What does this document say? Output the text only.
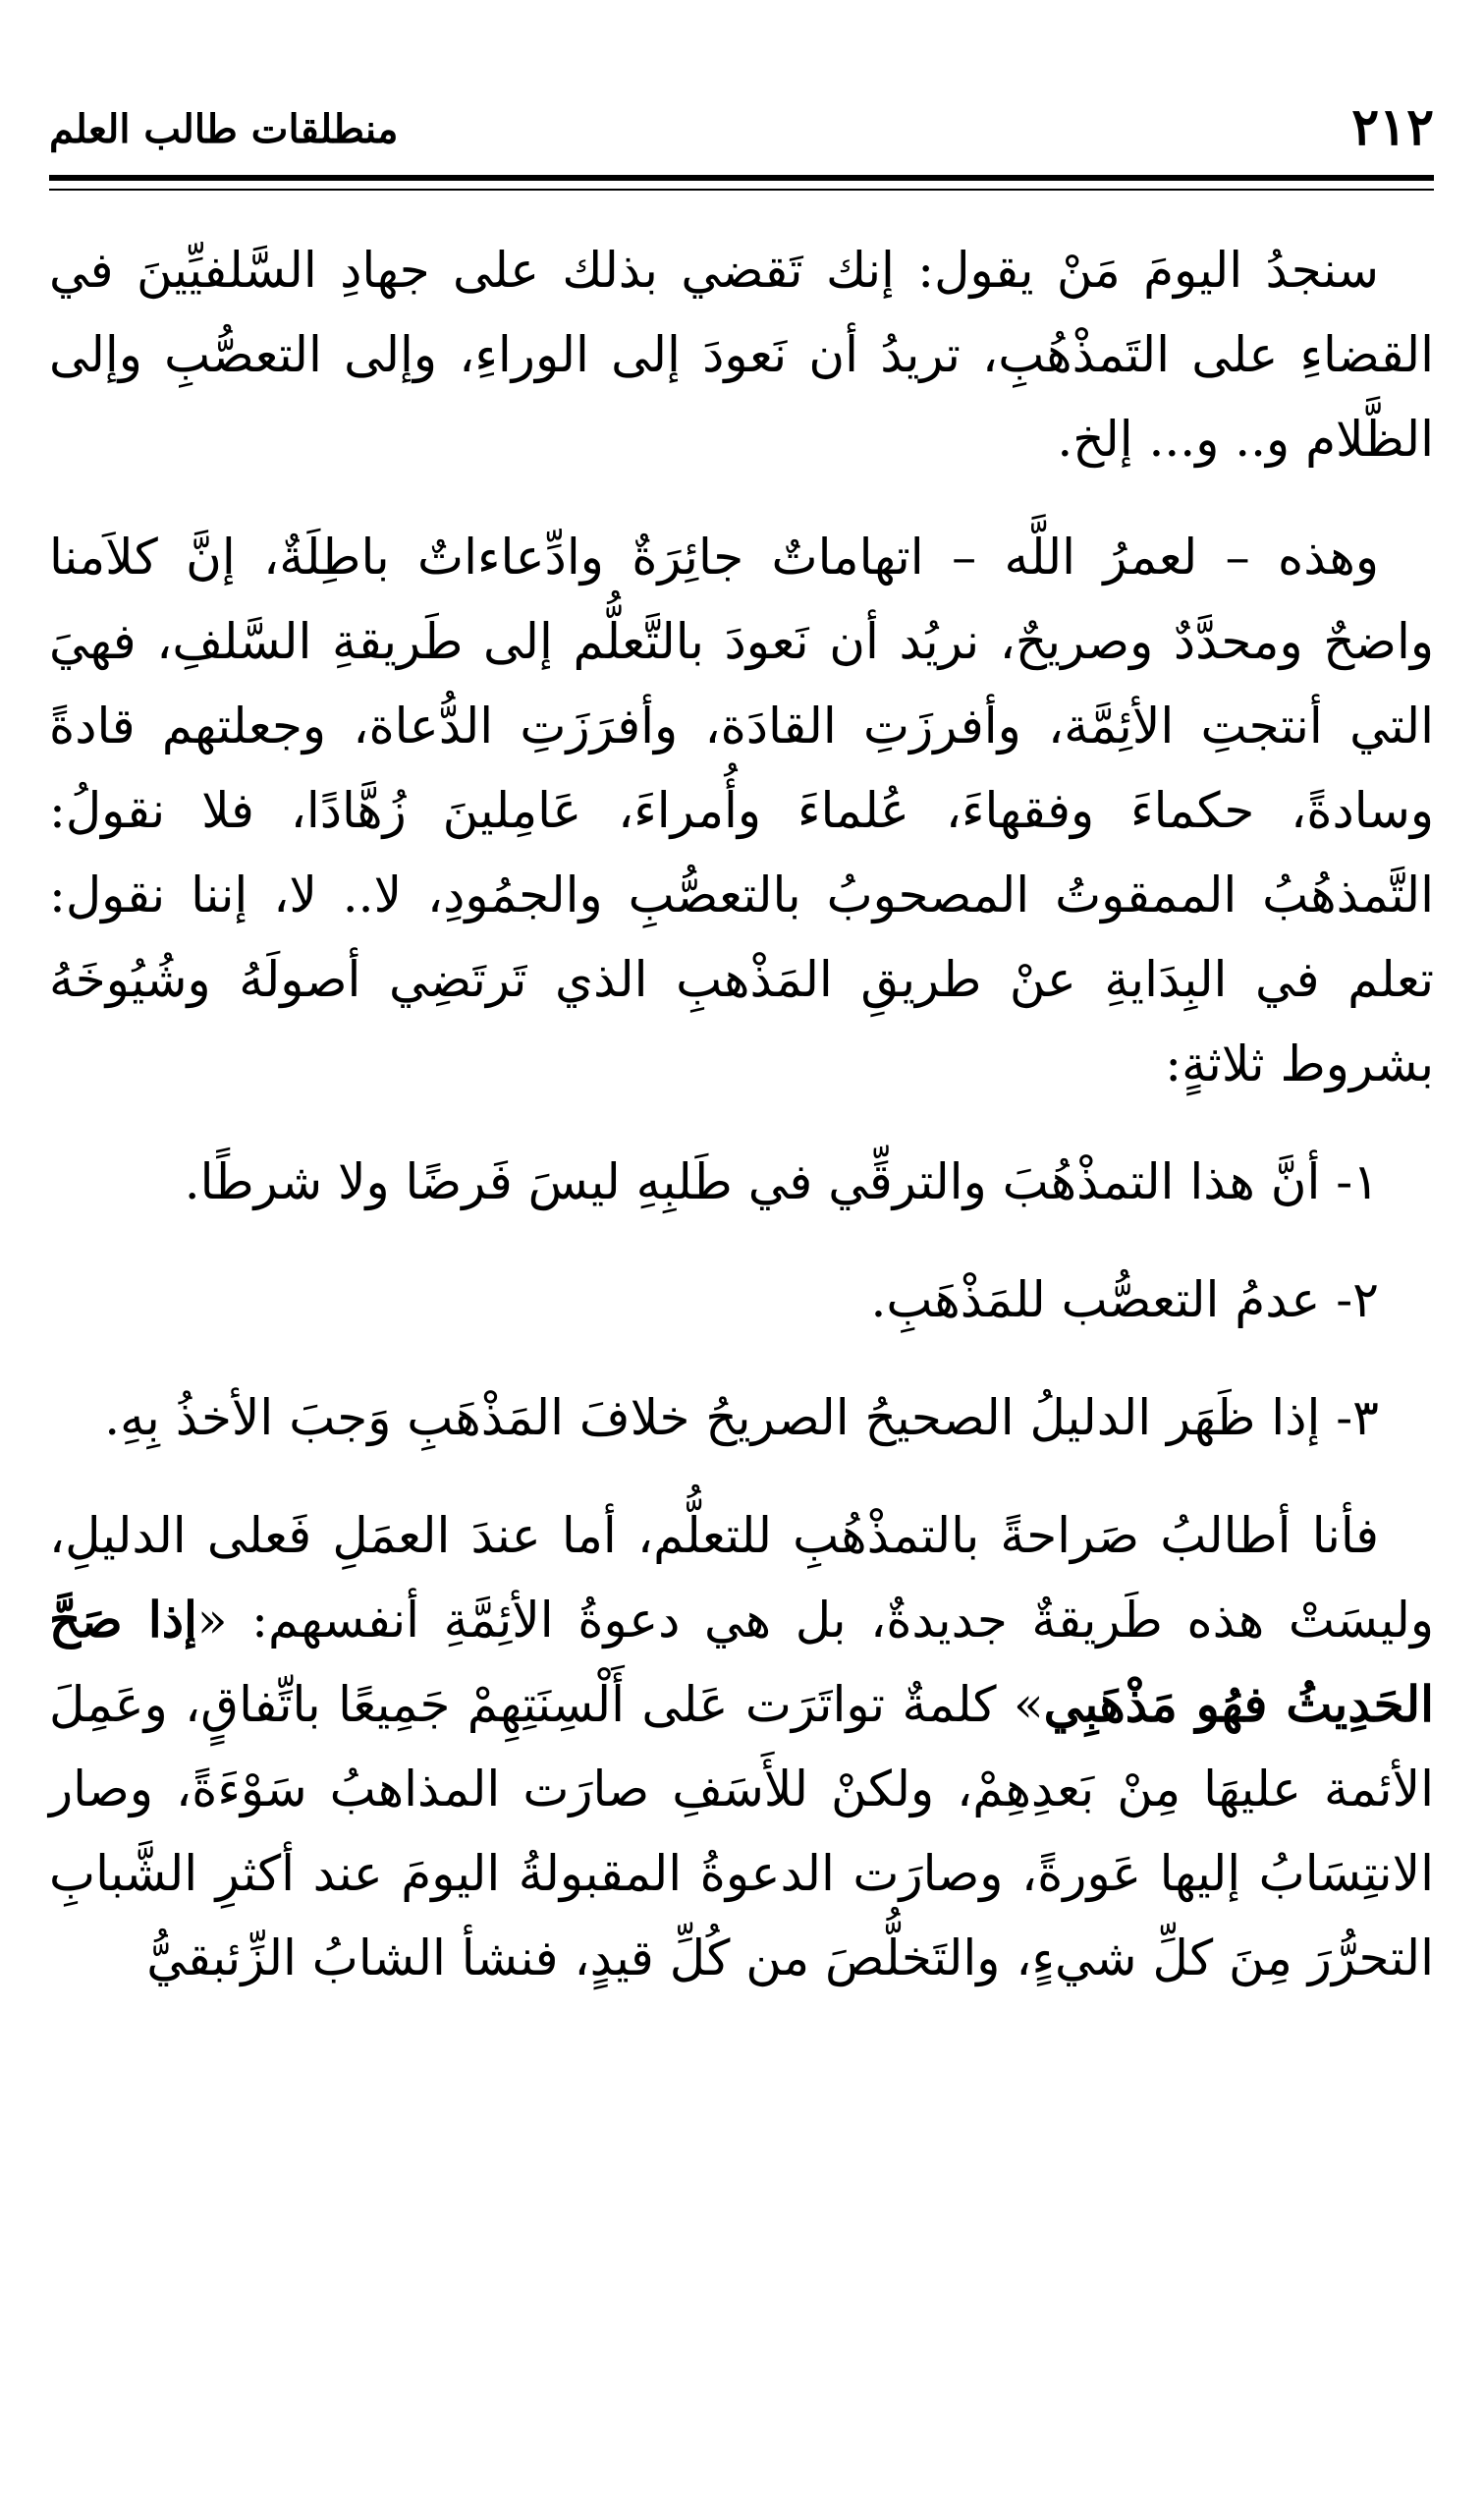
٢١٢
منطلقات طالب العلم

سنجدُ اليومَ مَنْ يقول: إنك تَقضي بذلك على جهادِ السَّلفيِّينَ في القضاءِ على التَمذْهُبِ، تريدُ أن نَعودَ إلى الوراءِ، وإلى التعصُّبِ وإلى الظَّلام و.. و... إلخ.

وهذه – لعمرُ اللَّه – اتهاماتٌ جائِرَةٌ وادِّعاءاتٌ باطِلَةٌ، إنَّ كلاَمنا واضحٌ ومحدَّدٌ وصريحٌ، نريُد أن نَعودَ بالتَّعلُّم إلى طَريقةِ السَّلفِ، فهيَ التي أنتجتِ الأئِمَّة، وأفرزَتِ القادَة، وأفرَزَتِ الدُّعاة، وجعلتهم قادةً وسادةً، حكماءَ وفقهاءَ، عُلماءَ وأُمراءَ، عَامِلينَ زُهَّادًا، فلا نقولُ: التَّمذهُبُ الممقوتُ المصحوبُ بالتعصُّبِ والجمُودِ، لا.. لا، إننا نقول: تعلم في البِدَايةِ عنْ طريقِ المَذْهبِ الذي تَرتَضِي أصولَهُ وشُيُوخَهُ بشروط ثلاثةٍ:

١- أنَّ هذا التمذْهُبَ والترقِّي في طَلبِهِ ليسَ فَرضًا ولا شرطًا.

٢- عدمُ التعصُّب للمَذْهَبِ.

٣- إذا ظَهَر الدليلُ الصحيحُ الصريحُ خلافَ المَذْهَبِ وَجبَ الأخذُ بِهِ.

فأنا أطالبُ صَراحةً بالتمذْهُبِ للتعلُّم، أما عندَ العمَلِ فَعلى الدليلِ، وليسَتْ هذه طَريقةٌ جديدةٌ، بل هي دعوةُ الأئِمَّةِ أنفسهم: «إذا صَحَّ الحَدِيثُ فهُو مَذْهَبِي» كلمةٌ تواتَرَت عَلى أَلْسِنَتِهِمْ جَمِيعًا باتِّفاقٍ، وعَمِلَ الأئمة عليهَا مِنْ بَعدِهِمْ، ولكنْ للأَسَفِ صارَت المذاهبُ سَوْءَةً، وصار الانتِسَابُ إليها عَورةً، وصارَت الدعوةُ المقبولةُ اليومَ عند أكثرِ الشَّبابِ التحرُّرَ مِنَ كلِّ شيءٍ، والتَخلُّصَ من كُلِّ قيدٍ، فنشأ الشابُ الزِّئبقيُّ
